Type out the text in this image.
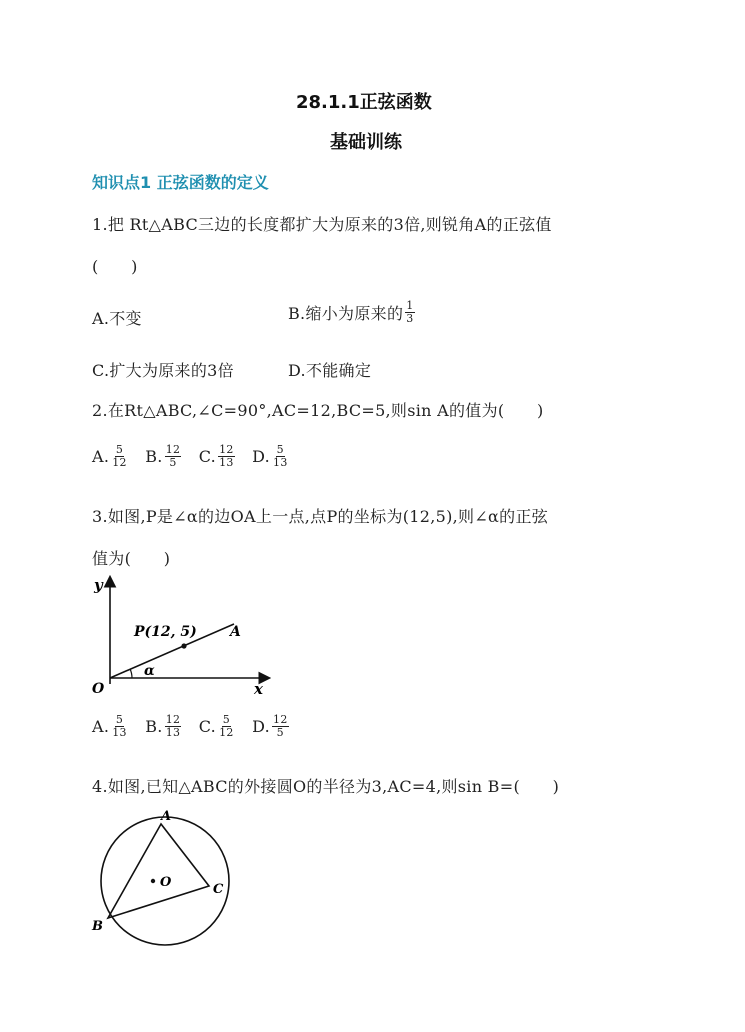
28.1.1正弦函数
基础训练
知识点1 正弦函数的定义
1.把 Rt△ABC三边的长度都扩大为原来的3倍,则锐角A的正弦值
(　　)
A.不变	B.缩小为原来的 $\frac{1}{3}$
C.扩大为原来的3倍	D.不能确定
2.在Rt△ABC,∠C=90°,AC=12,BC=5,则sin A的值为(　　)
A. $\frac{5}{12} B$. $\frac{12}{5} C$. $\frac{12}{13} D$. $\frac{5}{13}$
3.如图,P是∠α的边OA上一点,点P的坐标为(12,5),则∠α的正弦
值为(　　)
y
x
O
P(12, 5) A
α
A. $\frac{5}{13} B$. $\frac{12}{13} C$. $\frac{5}{12} D$. $\frac{12}{5}$
4.如图,已知△ABC的外接圆O的半径为3,AC=4,则sin B=(　　)
A
B
C
O
